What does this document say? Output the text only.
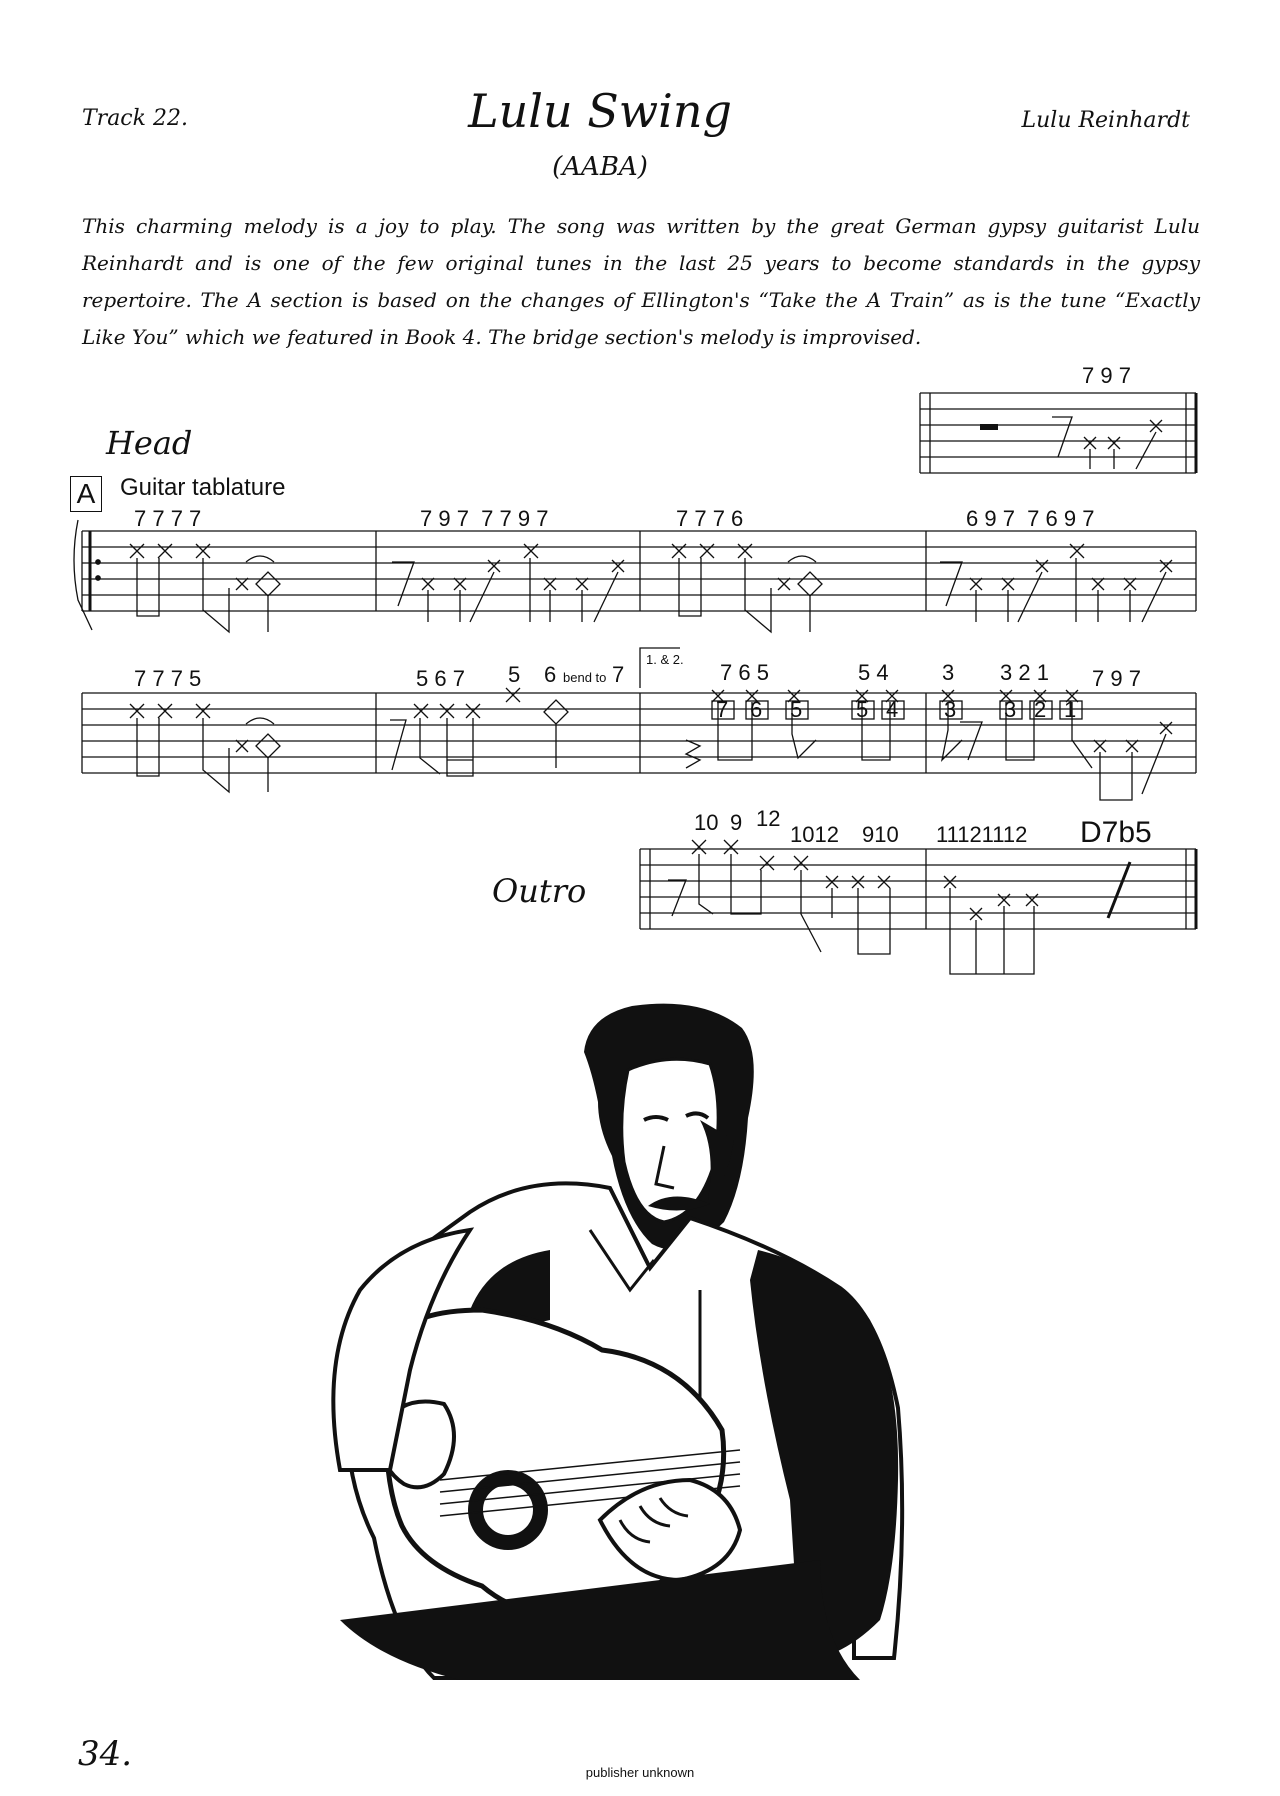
Track 22.	Lulu Swing
(AABA)
Lulu Reinhardt
This charming melody is a joy to play. The song was written by the great German gypsy guitarist Lulu Reinhardt and is one of the few original tunes in the last 25 years to become standards in the gypsy repertoire. The A section is based on the changes of Ellington's “Take the A Train” as is the tune “Exactly Like You” which we featured in Book 4. The bridge section's melody is improvised.
Head
A Guitar tablature
Outro
7 9 7
7 7 7 7	7 9 7  7 7 9 7	7 7 7 6	6 9 7  7 6 9 7
7 7 7 5	5 6 7 5 6 bend to 7
1. & 2.
7 6 5	5 4
7 6 5 5 4
3 3 2 1 7 9 7
3 3 2 1
10 9 12
1012 910 11121112 D7b5
34.	publisher unknown
